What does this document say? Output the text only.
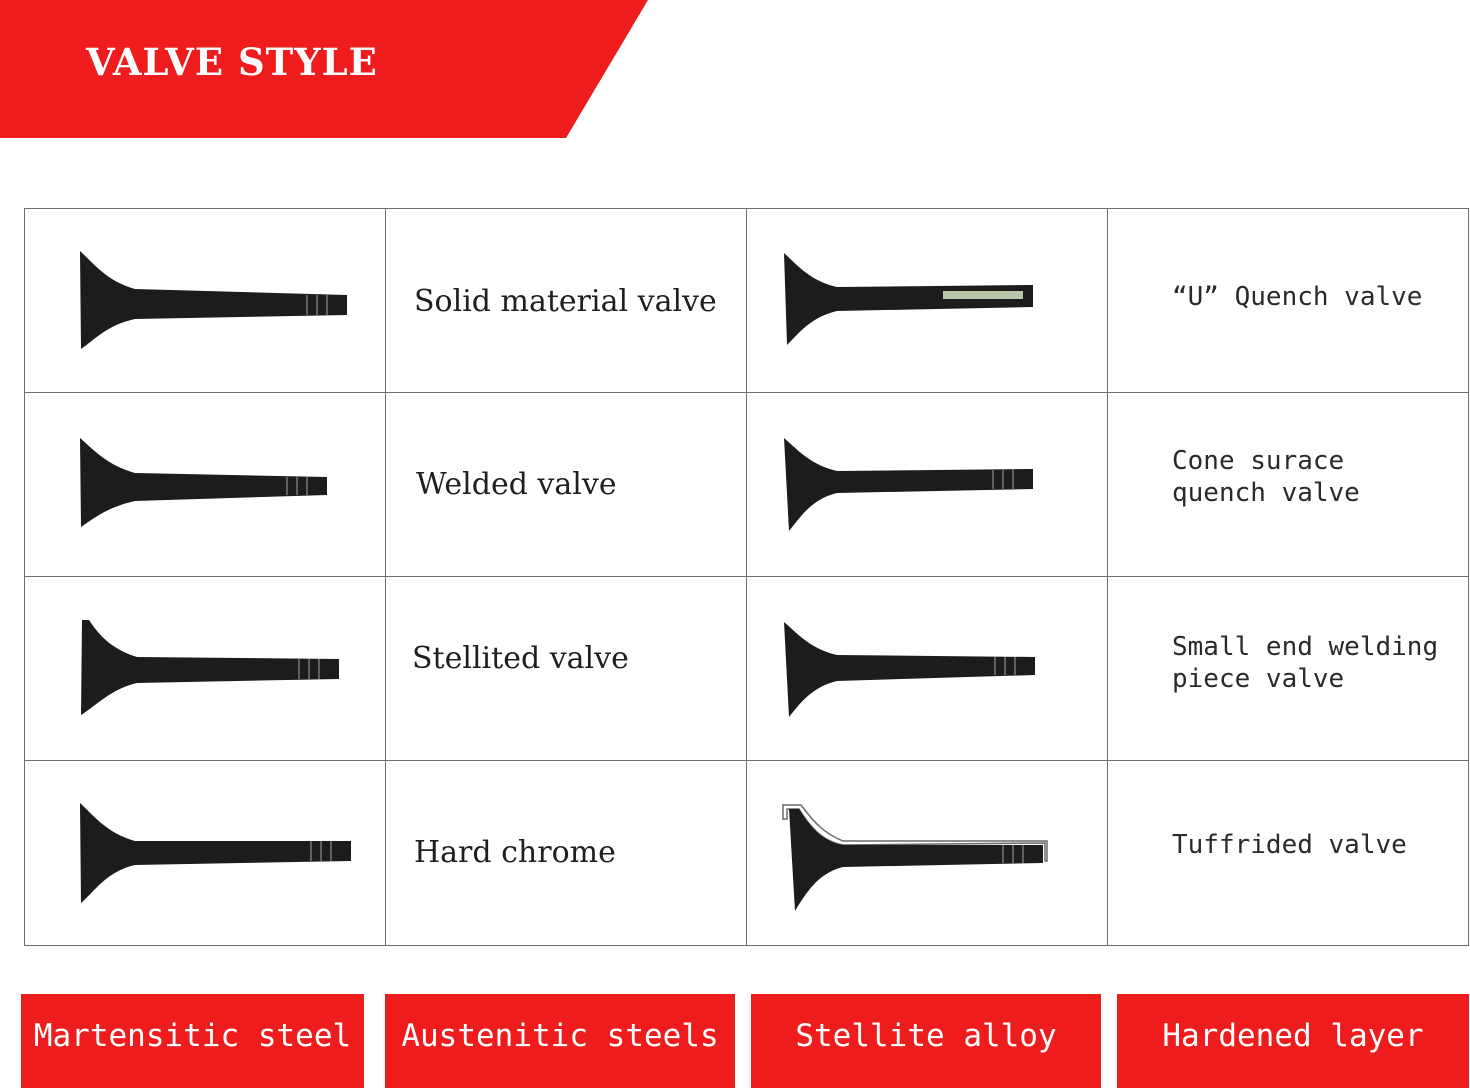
VALVE STYLE

Solid material valve		“U” Quench valve

Welded valve		Cone surace
quench valve

Stellited valve		Small end welding
piece valve

Hard chrome		Tuffrided valve
Martensitic steel	Austenitic steels	Stellite alloy	Hardened layer
